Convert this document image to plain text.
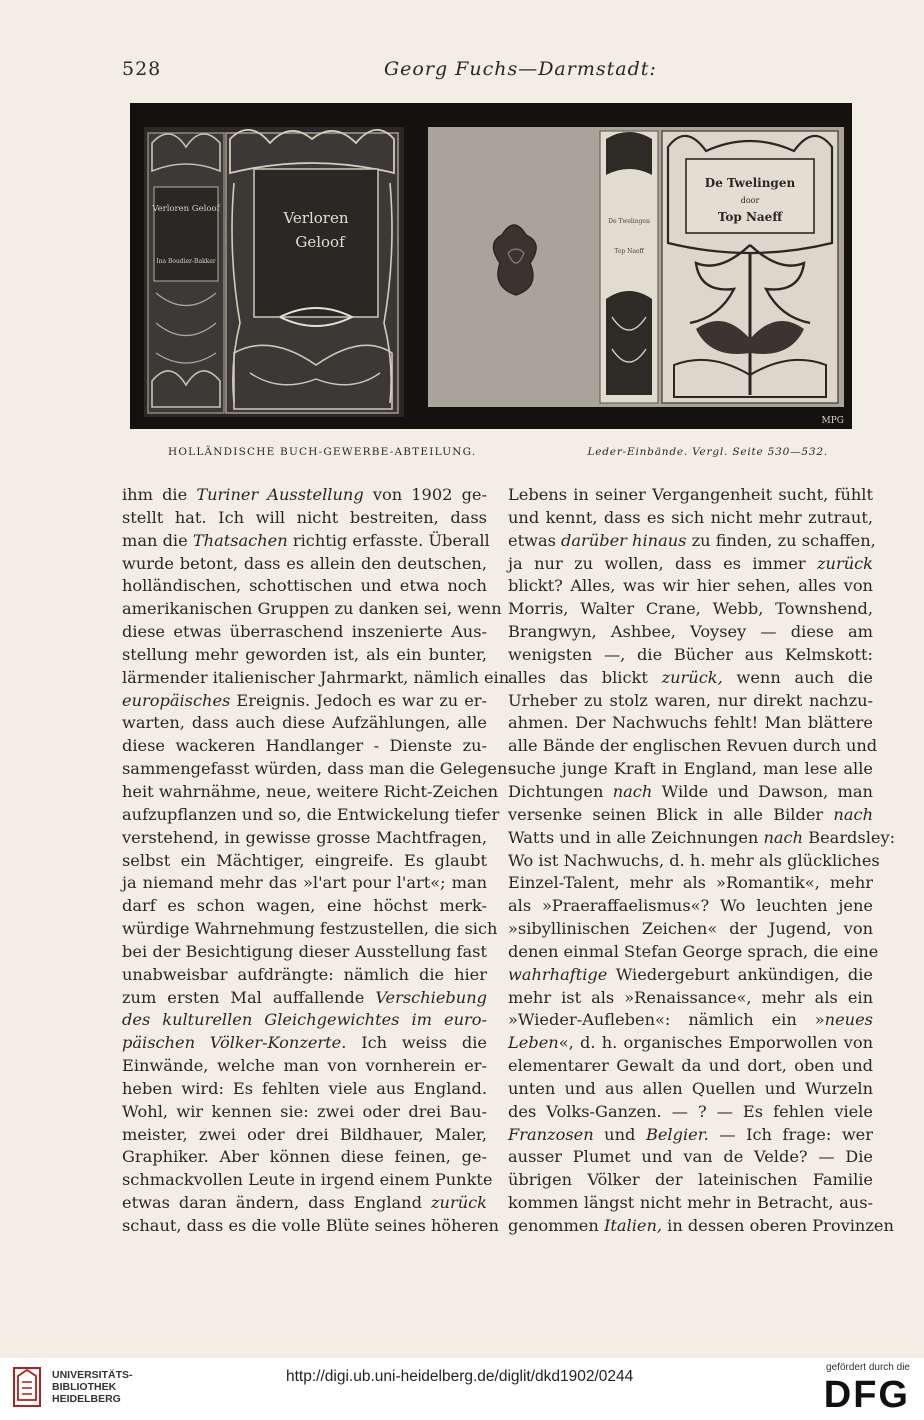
528	Georg Fuchs—Darmstadt:
Verloren Geloof
Ina Boudier-Bakker
Verloren
Geloof
De Twelingen
Top Naeff
De Twelingen
door
Top Naeff
MPG
HOLLÄNDISCHE BUCH-GEWERBE-ABTEILUNG.	Leder-Einbände. Vergl. Seite 530—532.
ihm die Turiner Ausstellung von 1902 ge-
stellt hat. Ich will nicht bestreiten, dass
man die Thatsachen richtig erfasste. Überall
wurde betont, dass es allein den deutschen,
holländischen, schottischen und etwa noch
amerikanischen Gruppen zu danken sei, wenn
diese etwas überraschend inszenierte Aus-
stellung mehr geworden ist, als ein bunter,
lärmender italienischer Jahrmarkt, nämlich ein
europäisches Ereignis. Jedoch es war zu er-
warten, dass auch diese Aufzählungen, alle
diese wackeren Handlanger - Dienste zu-
sammengefasst würden, dass man die Gelegen-
heit wahrnähme, neue, weitere Richt-Zeichen
aufzupflanzen und so, die Entwickelung tiefer
verstehend, in gewisse grosse Machtfragen,
selbst ein Mächtiger, eingreife. Es glaubt
ja niemand mehr das »l'art pour l'art«; man
darf es schon wagen, eine höchst merk-
würdige Wahrnehmung festzustellen, die sich
bei der Besichtigung dieser Ausstellung fast
unabweisbar aufdrängte: nämlich die hier
zum ersten Mal auffallende Verschiebung
des kulturellen Gleichgewichtes im euro-
päischen Völker-Konzerte. Ich weiss die
Einwände, welche man von vornherein er-
heben wird: Es fehlten viele aus England.
Wohl, wir kennen sie: zwei oder drei Bau-
meister, zwei oder drei Bildhauer, Maler,
Graphiker. Aber können diese feinen, ge-
schmackvollen Leute in irgend einem Punkte
etwas daran ändern, dass England zurück
schaut, dass es die volle Blüte seines höheren
Lebens in seiner Vergangenheit sucht, fühlt
und kennt, dass es sich nicht mehr zutraut,
etwas darüber hinaus zu finden, zu schaffen,
ja nur zu wollen, dass es immer zurück
blickt? Alles, was wir hier sehen, alles von
Morris, Walter Crane, Webb, Townshend,
Brangwyn, Ashbee, Voysey — diese am
wenigsten —, die Bücher aus Kelmskott:
alles das blickt zurück, wenn auch die
Urheber zu stolz waren, nur direkt nachzu-
ahmen. Der Nachwuchs fehlt! Man blättere
alle Bände der englischen Revuen durch und
suche junge Kraft in England, man lese alle
Dichtungen nach Wilde und Dawson, man
versenke seinen Blick in alle Bilder nach
Watts und in alle Zeichnungen nach Beardsley:
Wo ist Nachwuchs, d. h. mehr als glückliches
Einzel-Talent, mehr als »Romantik«, mehr
als »Praeraffaelismus«? Wo leuchten jene
»sibyllinischen Zeichen« der Jugend, von
denen einmal Stefan George sprach, die eine
wahrhaftige Wiedergeburt ankündigen, die
mehr ist als »Renaissance«, mehr als ein
»Wieder-Aufleben«: nämlich ein »neues
Leben«, d. h. organisches Emporwollen von
elementarer Gewalt da und dort, oben und
unten und aus allen Quellen und Wurzeln
des Volks-Ganzen. — ? — Es fehlen viele
Franzosen und Belgier. — Ich frage: wer
ausser Plumet und van de Velde? — Die
übrigen Völker der lateinischen Familie
kommen längst nicht mehr in Betracht, aus-
genommen Italien, in dessen oberen Provinzen
UNIVERSITÄTS-
BIBLIOTHEK
HEIDELBERG
http://digi.ub.uni-heidelberg.de/diglit/dkd1902/0244
gefördert durch die
DFG
